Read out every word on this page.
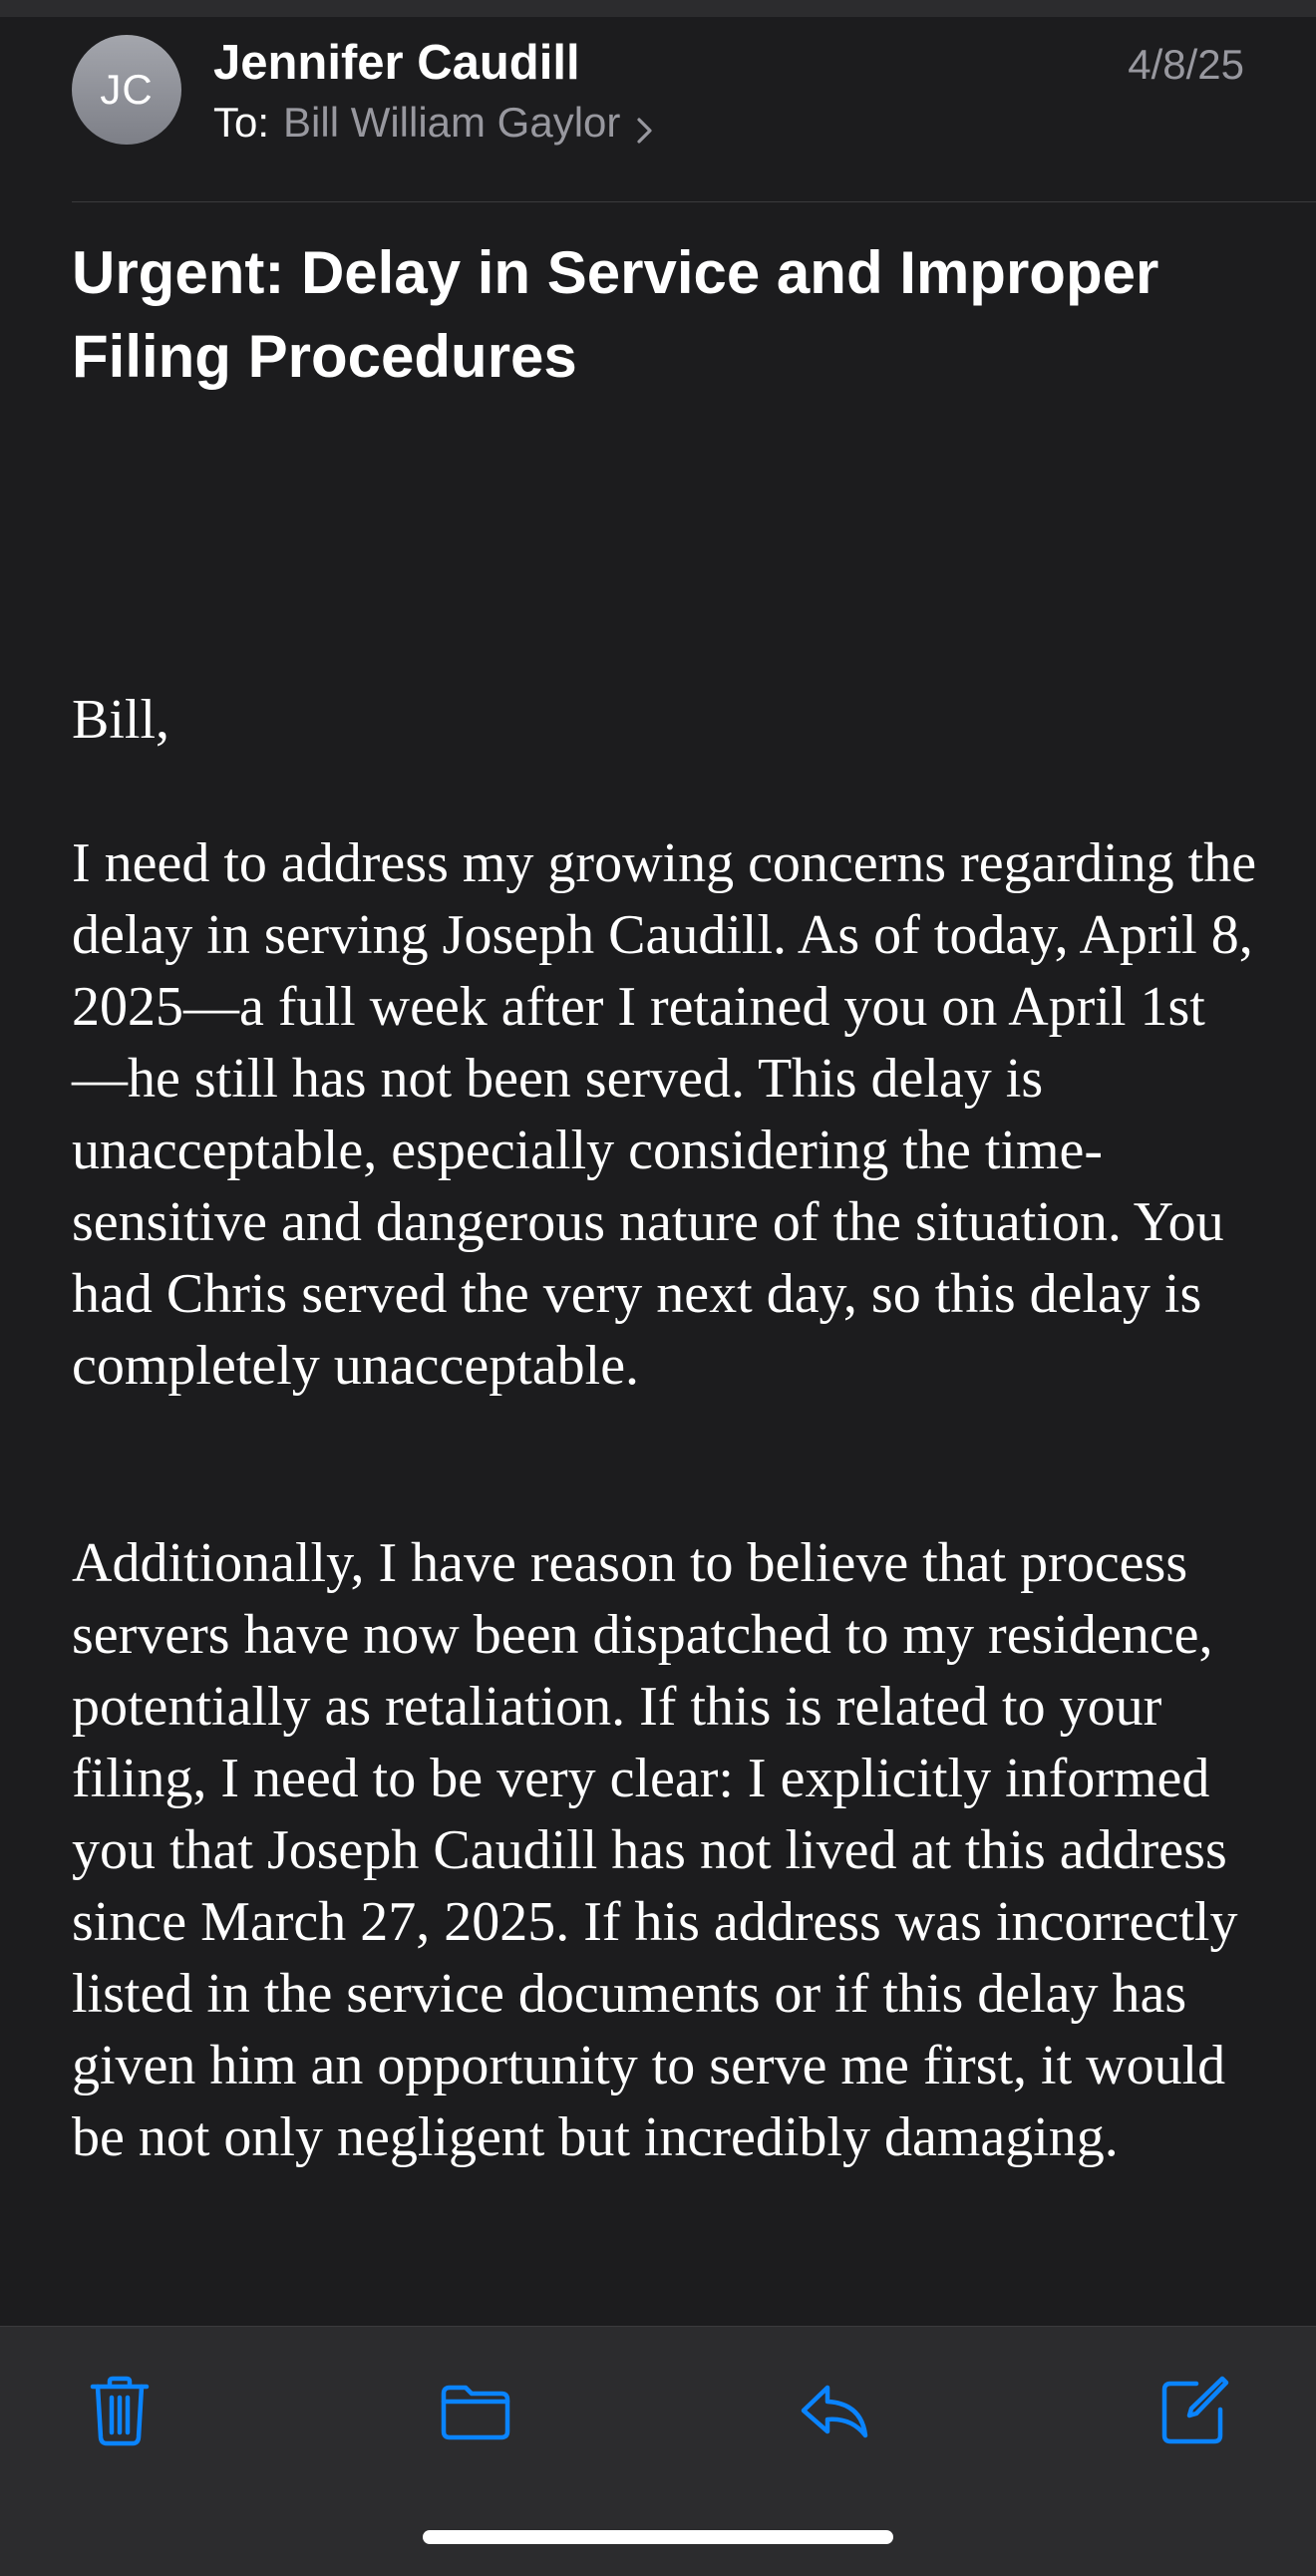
JC Jennifer Caudill
To: Bill William Gaylor
4/8/25
Urgent: Delay in Service and Improper Filing Procedures

Bill,

I need to address my growing concerns regarding the delay in serving Joseph Caudill. As of today, April 8, 2025—a full week after I retained you on April 1st—he still has not been served. This delay is unacceptable, especially considering the time-sensitive and dangerous nature of the situation. You had Chris served the very next day, so this delay is completely unacceptable.

Additionally, I have reason to believe that process servers have now been dispatched to my residence, potentially as retaliation. If this is related to your filing, I need to be very clear: I explicitly informed you that Joseph Caudill has not lived at this address since March 27, 2025. If his address was incorrectly listed in the service documents or if this delay has given him an opportunity to serve me first, it would be not only negligent but incredibly damaging.
